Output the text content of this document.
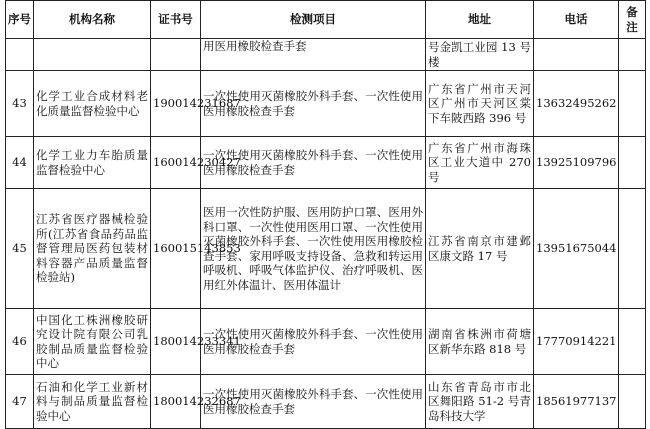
序号	机构名称	证书号	检测项目	地址	电话	备注
			用医用橡胶检查手套	号金凯工业园 13 号楼		
43	化学工业合成材料老化质量监督检验中心	190014231687	一次性使用灭菌橡胶外科手套、一次性使用医用橡胶检查手套	广东省广州市天河区广州市天河区棠下车陂西路 396 号	13632495262	
44	化学工业力车胎质量监督检验中心	160014230427	一次性使用灭菌橡胶外科手套、一次性使用医用橡胶检查手套	广东省广州市海珠区工业大道中 270 号	13925109796	
45	江苏省医疗器械检验所(江苏省食品药品监督管理局医药包装材料容器产品质量监督检验站)	160015143853	医用一次性防护服、医用防护口罩、医用外科口罩、一次性使用医用口罩、一次性使用灭菌橡胶外科手套、一次性使用医用橡胶检查手套、家用呼吸支持设备、急救和转运用呼吸机、呼吸气体监护仪、治疗呼吸机、医用红外体温计、医用体温计	江苏省南京市建邺区康文路 17 号	13951675044	
46	中国化工株洲橡胶研究设计院有限公司乳胶制品质量监督检验中心	180014233341	一次性使用灭菌橡胶外科手套、一次性使用医用橡胶检查手套	湖南省株洲市荷塘区新华东路 818 号	17770914221	
47	石油和化学工业新材料与制品质量监督检验中心	180014232687	一次性使用灭菌橡胶外科手套、一次性使用医用橡胶检查手套	山东省青岛市市北区舞阳路 51-2 号青岛科技大学	18561977137	
